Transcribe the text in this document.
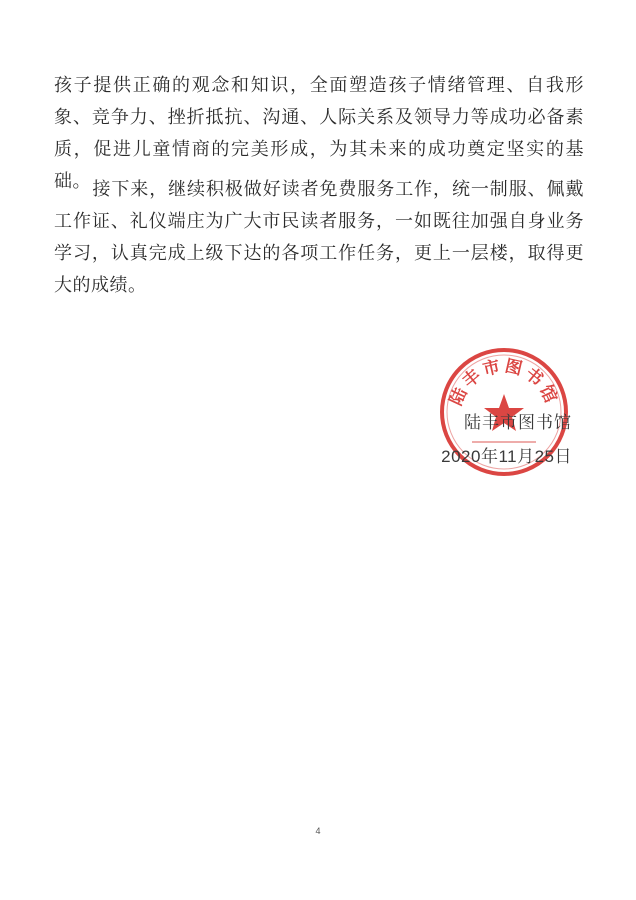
孩子提供正确的观念和知识，全面塑造孩子情绪管理、自我形象、竞争力、挫折抵抗、沟通、人际关系及领导力等成功必备素质，促进儿童情商的完美形成，为其未来的成功奠定坚实的基础。 接下来，继续积极做好读者免费服务工作，统一制服、佩戴工作证、礼仪端庄为广大市民读者服务，一如既往加强自身业务学习，认真完成上级下达的各项工作任务，更上一层楼，取得更大的成绩。

陆丰市图书馆
陆丰市图书馆
2020年11月25日
4
